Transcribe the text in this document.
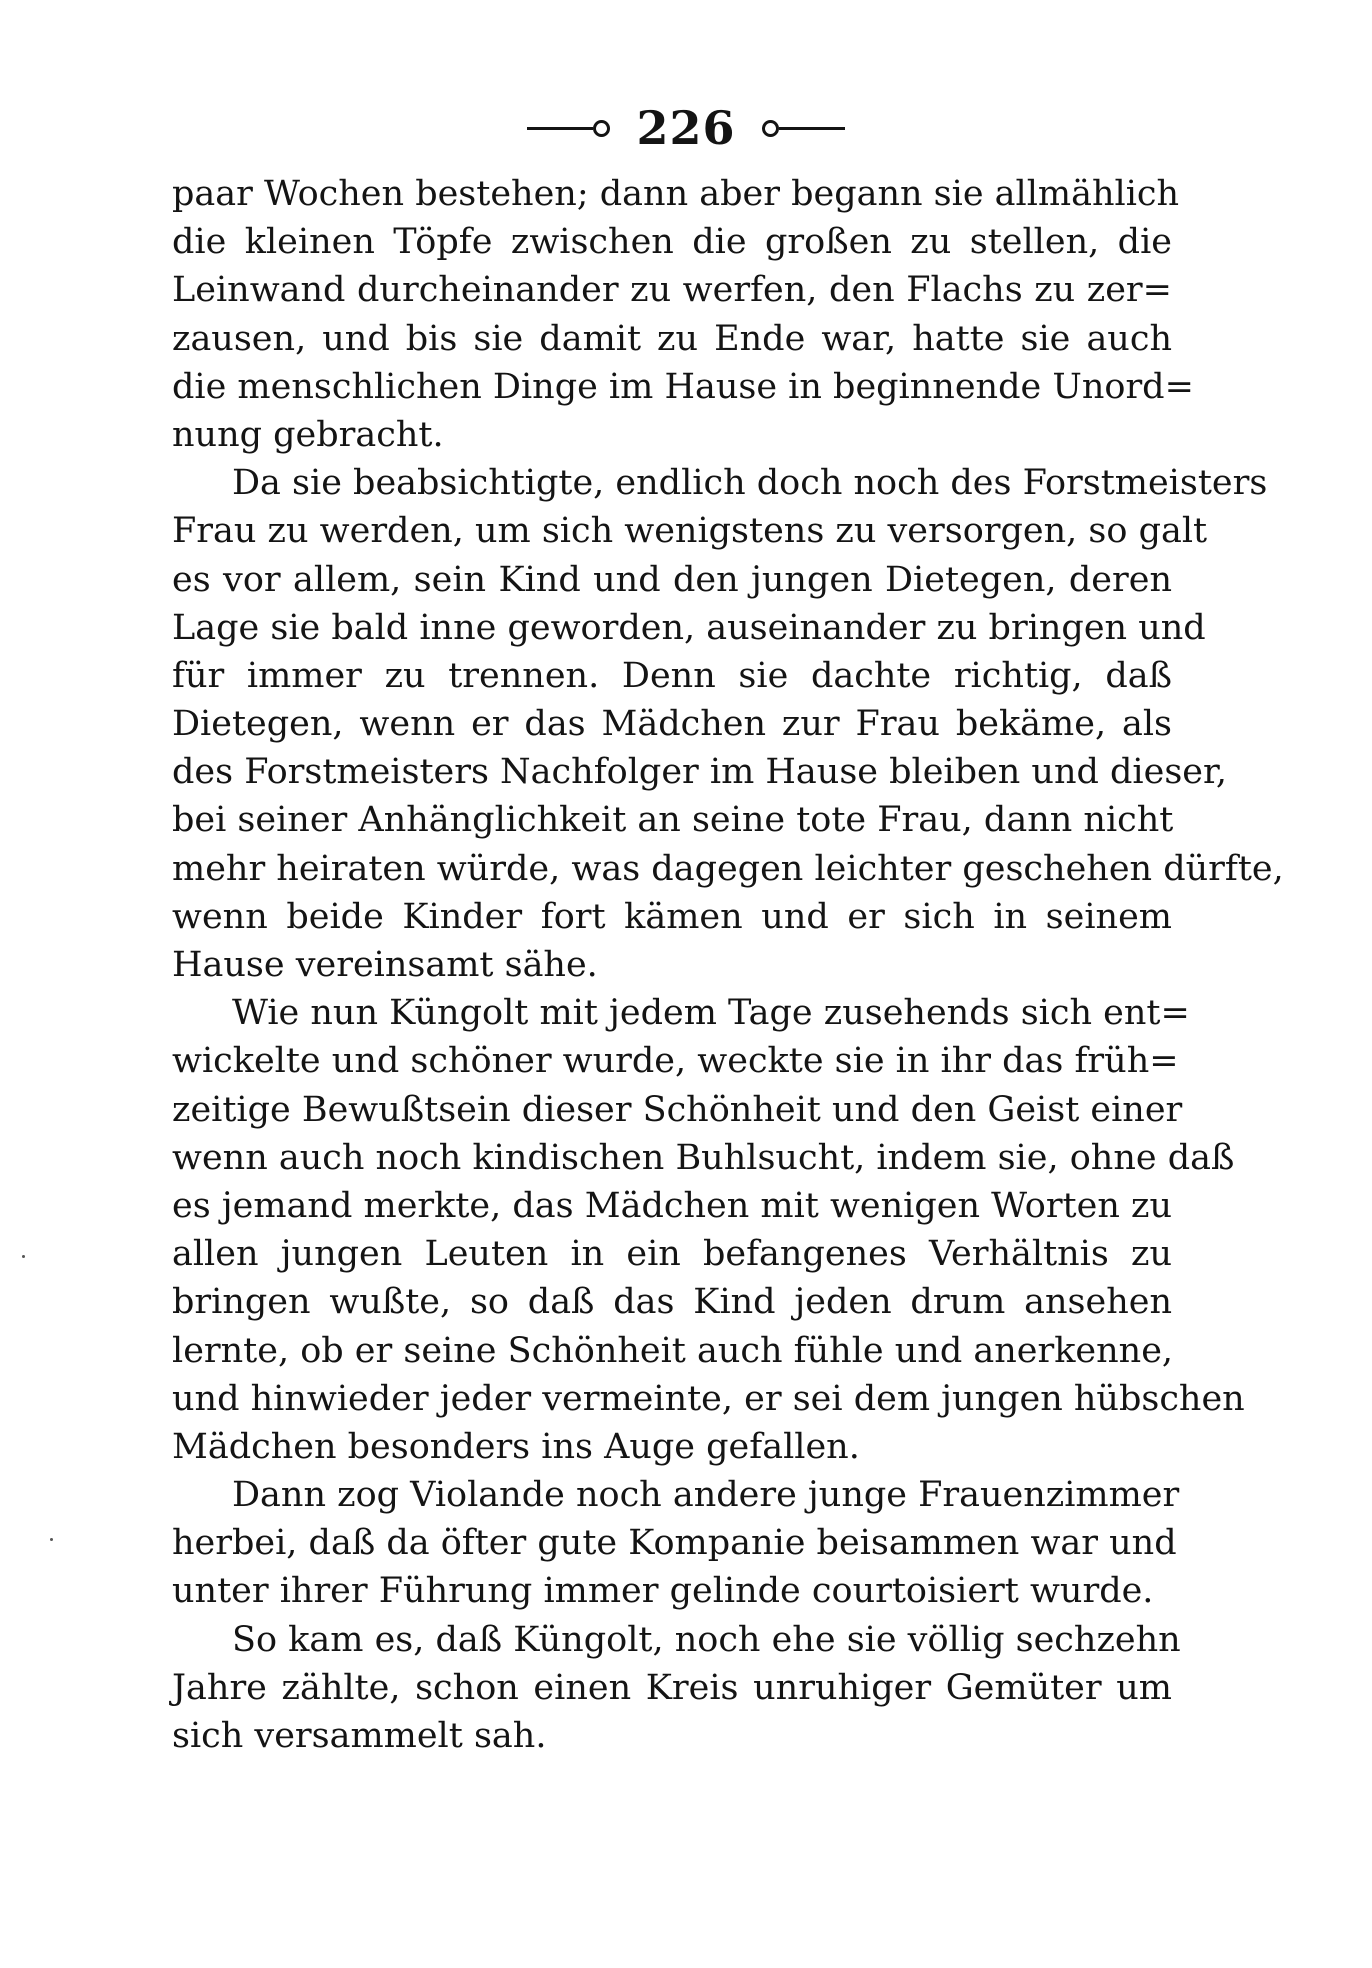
226
paar Wochen bestehen; dann aber begann sie allmählich
die kleinen Töpfe zwischen die großen zu stellen, die
Leinwand durcheinander zu werfen, den Flachs zu zer=
zausen, und bis sie damit zu Ende war, hatte sie auch
die menschlichen Dinge im Hause in beginnende Unord=
nung gebracht.
Da sie beabsichtigte, endlich doch noch des Forstmeisters
Frau zu werden, um sich wenigstens zu versorgen, so galt
es vor allem, sein Kind und den jungen Dietegen, deren
Lage sie bald inne geworden, auseinander zu bringen und
für immer zu trennen. Denn sie dachte richtig, daß
Dietegen, wenn er das Mädchen zur Frau bekäme, als
des Forstmeisters Nachfolger im Hause bleiben und dieser,
bei seiner Anhänglichkeit an seine tote Frau, dann nicht
mehr heiraten würde, was dagegen leichter geschehen dürfte,
wenn beide Kinder fort kämen und er sich in seinem
Hause vereinsamt sähe.
Wie nun Küngolt mit jedem Tage zusehends sich ent=
wickelte und schöner wurde, weckte sie in ihr das früh=
zeitige Bewußtsein dieser Schönheit und den Geist einer
wenn auch noch kindischen Buhlsucht, indem sie, ohne daß
es jemand merkte, das Mädchen mit wenigen Worten zu
allen jungen Leuten in ein befangenes Verhältnis zu
bringen wußte, so daß das Kind jeden drum ansehen
lernte, ob er seine Schönheit auch fühle und anerkenne,
und hinwieder jeder vermeinte, er sei dem jungen hübschen
Mädchen besonders ins Auge gefallen.
Dann zog Violande noch andere junge Frauenzimmer
herbei, daß da öfter gute Kompanie beisammen war und
unter ihrer Führung immer gelinde courtoisiert wurde.
So kam es, daß Küngolt, noch ehe sie völlig sechzehn
Jahre zählte, schon einen Kreis unruhiger Gemüter um
sich versammelt sah.
